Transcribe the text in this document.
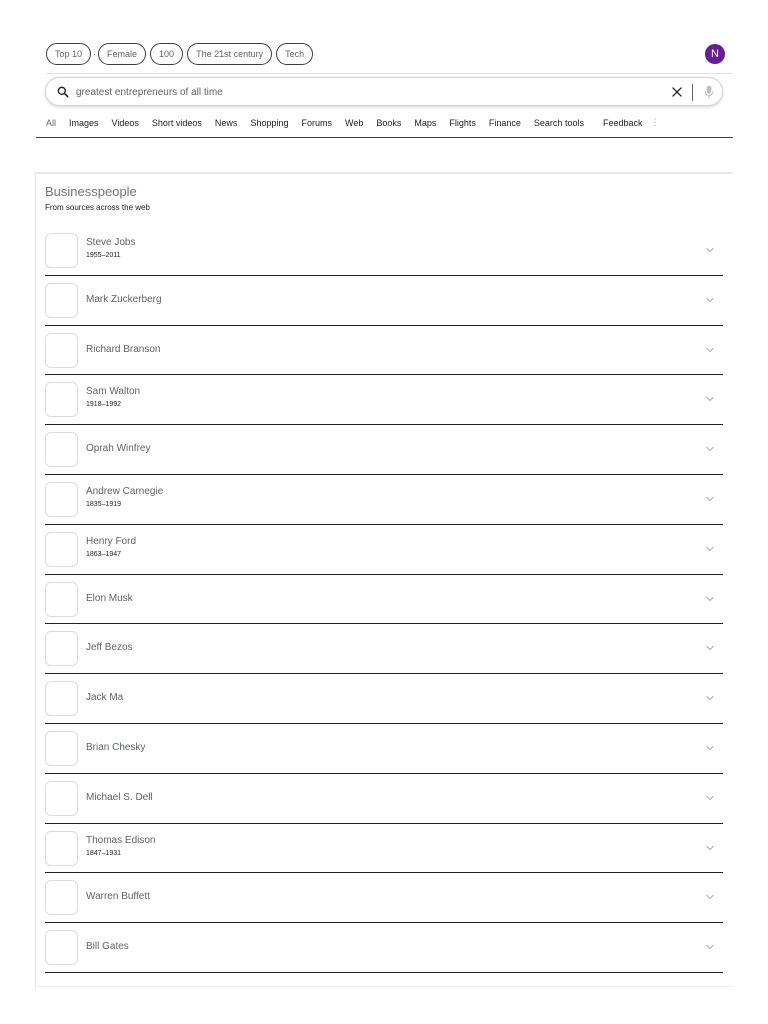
Top 10	·	Female	100	The 21st century	Tech	N
greatest entrepreneurs of all time
All Images Videos Short videos News Shopping Forums Web Books Maps Flights Finance Search tools Feedback ⋮
Businesspeople
From sources across the web
Steve Jobs
1955–2011
Mark Zuckerberg
Richard Branson
Sam Walton
1918–1992
Oprah Winfrey
Andrew Carnegie
1835–1919
Henry Ford
1863–1947
Elon Musk
Jeff Bezos
Jack Ma
Brian Chesky
Michael S. Dell
Thomas Edison
1847–1931
Warren Buffett
Bill Gates
